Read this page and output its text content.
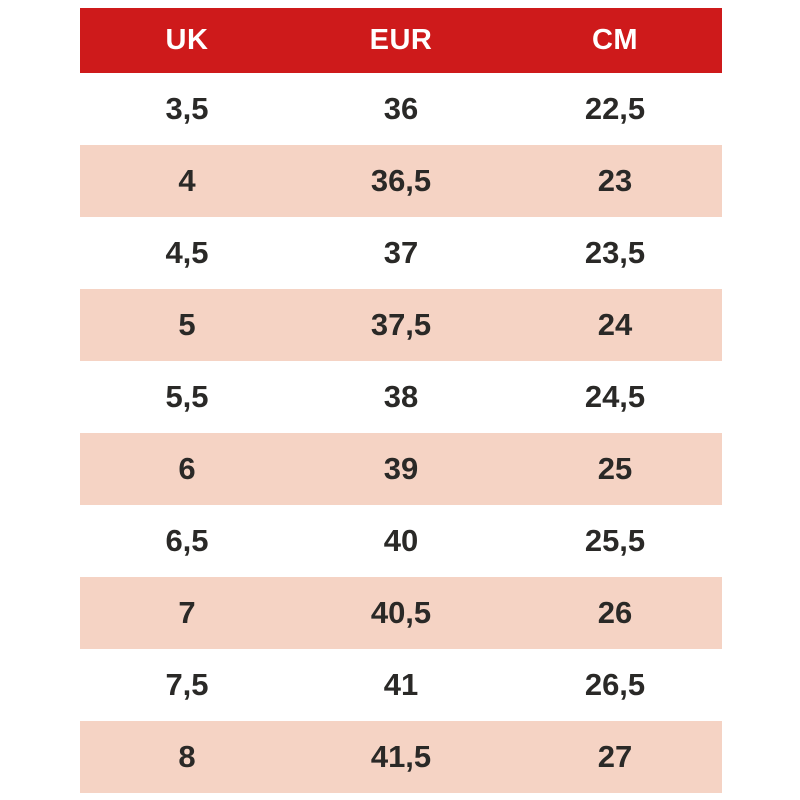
UK	EUR	CM
3,5	36	22,5
4	36,5	23
4,5	37	23,5
5	37,5	24
5,5	38	24,5
6	39	25
6,5	40	25,5
7	40,5	26
7,5	41	26,5
8	41,5	27
